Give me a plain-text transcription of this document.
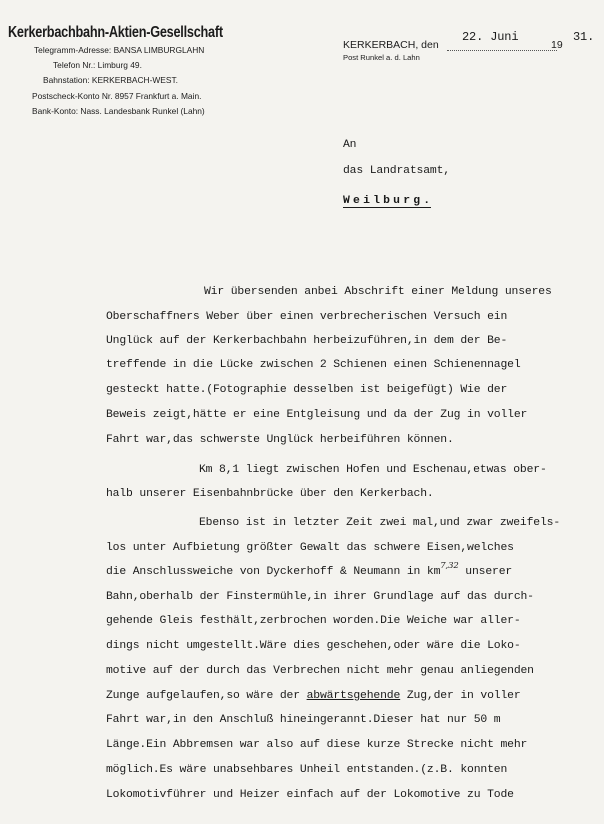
Kerkerbachbahn-Aktien-Gesellschaft
Telegramm-Adresse: BANSA LIMBURGLAHN
Telefon Nr.: Limburg 49.
Bahnstation: KERKERBACH-WEST.
Postscheck-Konto Nr. 8957 Frankfurt a. Main.
Bank-Konto: Nass. Landesbank Runkel (Lahn)
KERKERBACH, den	19
Post Runkel a. d. Lahn
22. Juni	31.
An
das Landratsamt,
Weilburg.
Wir übersenden anbei Abschrift einer Meldung unseres
Oberschaffners Weber über einen verbrecherischen Versuch ein
Unglück auf der Kerkerbachbahn herbeizuführen,in dem der Be-
treffende in die Lücke zwischen 2 Schienen einen Schienennagel
gesteckt hatte.(Fotographie desselben ist beigefügt) Wie der
Beweis zeigt,hätte er eine Entgleisung und da der Zug in voller
Fahrt war,das schwerste Unglück herbeiführen können.
Km 8,1 liegt zwischen Hofen und Eschenau,etwas ober-
halb unserer Eisenbahnbrücke über den Kerkerbach.
Ebenso ist in letzter Zeit zwei mal,und zwar zweifels-
los unter Aufbietung größter Gewalt das schwere Eisen,welches
die Anschlussweiche von Dyckerhoff & Neumann in km$^{7,32}$ unserer
Bahn,oberhalb der Finstermühle,in ihrer Grundlage auf das durch-
gehende Gleis festhält,zerbrochen worden.Die Weiche war aller-
dings nicht umgestellt.Wäre dies geschehen,oder wäre die Loko-
motive auf der durch das Verbrechen nicht mehr genau anliegenden
Zunge aufgelaufen,so wäre der abwärtsgehende Zug,der in voller
Fahrt war,in den Anschluß hineingerannt.Dieser hat nur 50 m
Länge.Ein Abbremsen war also auf diese kurze Strecke nicht mehr
möglich.Es wäre unabsehbares Unheil entstanden.(z.B. konnten
Lokomotivführer und Heizer einfach auf der Lokomotive zu Tode
